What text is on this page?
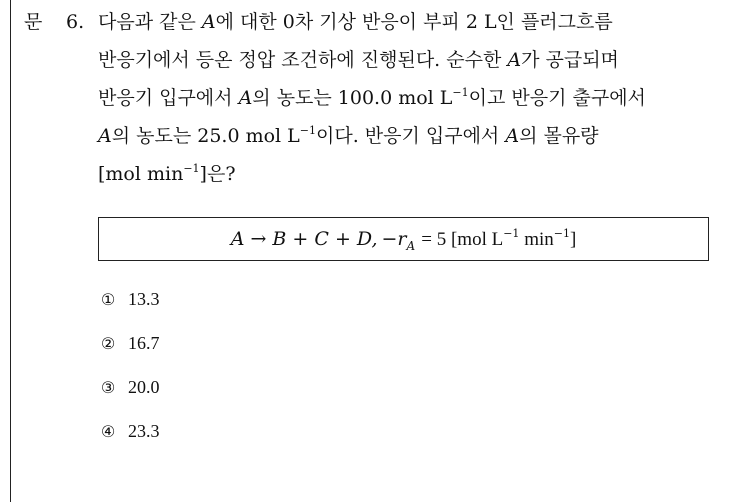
문 6. 다음과 같은 A에 대한 0차 기상 반응이 부피 2 L인 플러그흐름
반응기에서 등온 정압 조건하에 진행된다. 순수한 A가 공급되며
반응기 입구에서 A의 농도는 100.0 mol $L^{-1}$이고 반응기 출구에서
A의 농도는 25.0 mol $L^{-1}$이다. 반응기 입구에서 A의 몰유량
[mol $\min^{-1}$]은?
A → B + C + D, $-r_A = 5$ [mol $L^{-1}$ $\min^{-1}$]
① 13.3
② 16.7
③ 20.0
④ 23.3
